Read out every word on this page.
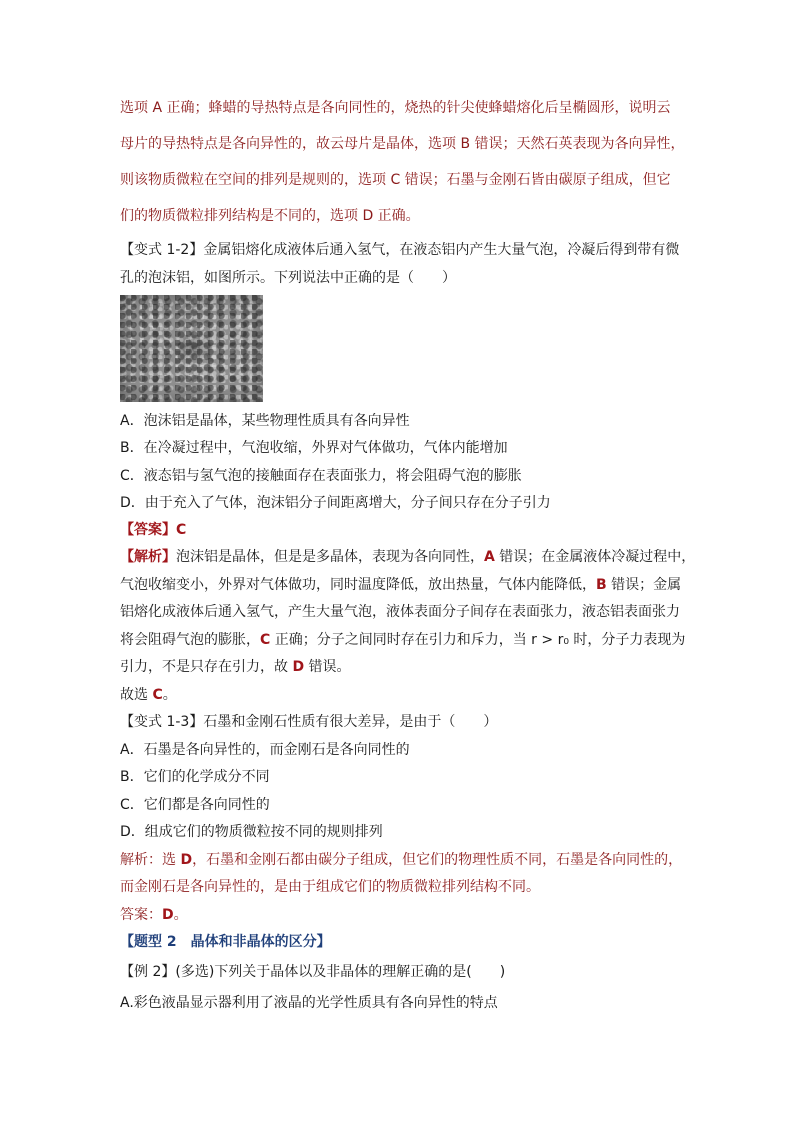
选项 A 正确；蜂蜡的导热特点是各向同性的，烧热的针尖使蜂蜡熔化后呈椭圆形，说明云
母片的导热特点是各向异性的，故云母片是晶体，选项 B 错误；天然石英表现为各向异性，
则该物质微粒在空间的排列是规则的，选项 C 错误；石墨与金刚石皆由碳原子组成，但它
们的物质微粒排列结构是不同的，选项 D 正确。
【变式 1-2】金属铝熔化成液体后通入氢气，在液态铝内产生大量气泡，冷凝后得到带有微
孔的泡沫铝，如图所示。下列说法中正确的是（　　）
A．泡沫铝是晶体，某些物理性质具有各向异性
B．在冷凝过程中，气泡收缩，外界对气体做功，气体内能增加
C．液态铝与氢气泡的接触面存在表面张力，将会阻碍气泡的膨胀
D．由于充入了气体，泡沫铝分子间距离增大，分子间只存在分子引力
【答案】C
【解析】泡沫铝是晶体，但是是多晶体，表现为各向同性，A 错误；在金属液体冷凝过程中，
气泡收缩变小，外界对气体做功，同时温度降低，放出热量，气体内能降低，B 错误；金属
铝熔化成液体后通入氢气，产生大量气泡，液体表面分子间存在表面张力，液态铝表面张力
将会阻碍气泡的膨胀，C 正确；分子之间同时存在引力和斥力，当 r > r₀ 时，分子力表现为
引力，不是只存在引力，故 D 错误。
故选 C。
【变式 1-3】石墨和金刚石性质有很大差异，是由于（　　）
A．石墨是各向异性的，而金刚石是各向同性的
B．它们的化学成分不同
C．它们都是各向同性的
D．组成它们的物质微粒按不同的规则排列
解析：选 D，石墨和金刚石都由碳分子组成，但它们的物理性质不同，石墨是各向同性的，
而金刚石是各向异性的，是由于组成它们的物质微粒排列结构不同。
答案：D。
【题型 2　晶体和非晶体的区分】
【例 2】(多选)下列关于晶体以及非晶体的理解正确的是(　　)
A.彩色液晶显示器利用了液晶的光学性质具有各向异性的特点
